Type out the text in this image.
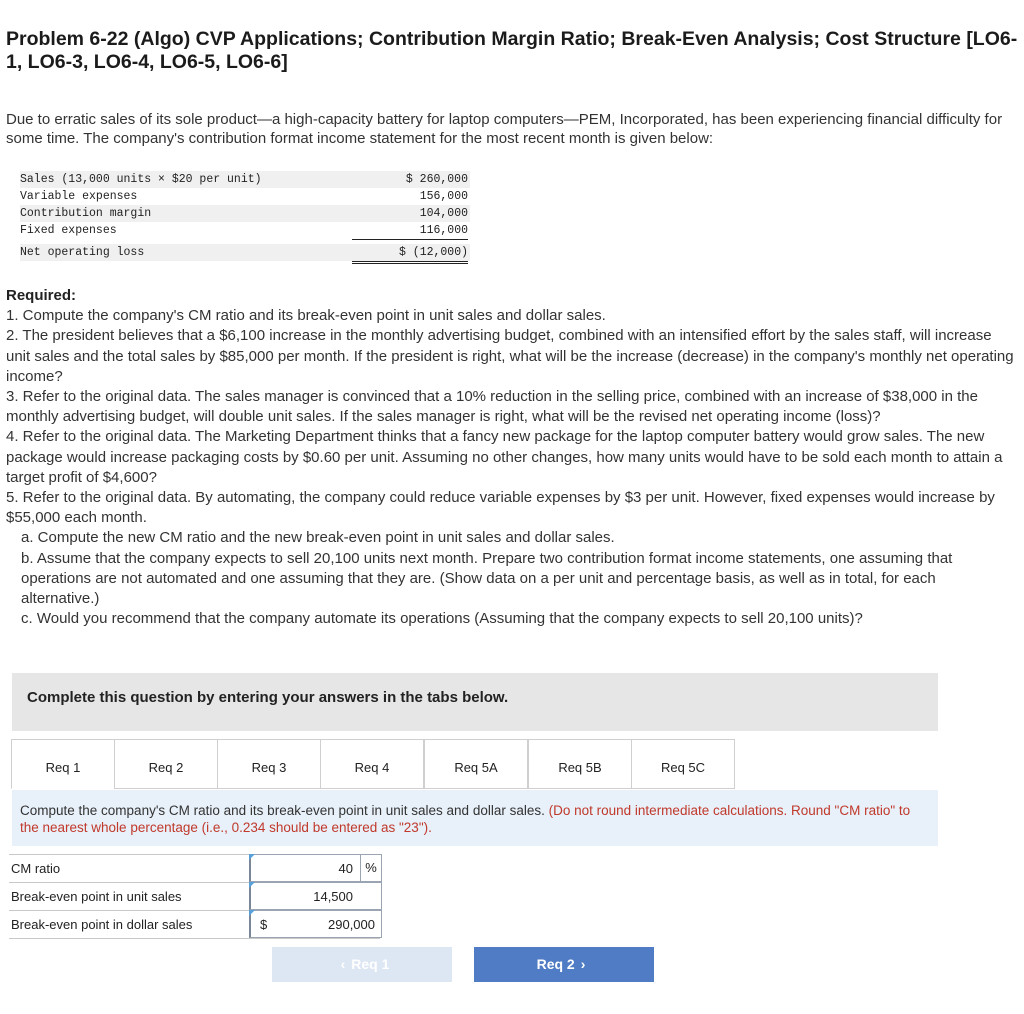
Problem 6-22 (Algo) CVP Applications; Contribution Margin Ratio; Break-Even Analysis; Cost Structure [LO6-1, LO6-3, LO6-4, LO6-5, LO6-6]
Due to erratic sales of its sole product—a high-capacity battery for laptop computers—PEM, Incorporated, has been experiencing financial difficulty for some time. The company's contribution format income statement for the most recent month is given below:
Sales (13,000 units × $20 per unit)	$ 260,000
Variable expenses	156,000
Contribution margin	104,000
Fixed expenses	116,000
Net operating loss	$ (12,000)
Required:
1. Compute the company's CM ratio and its break-even point in unit sales and dollar sales.
2. The president believes that a $6,100 increase in the monthly advertising budget, combined with an intensified effort by the sales staff, will increase unit sales and the total sales by $85,000 per month. If the president is right, what will be the increase (decrease) in the company's monthly net operating income?
3. Refer to the original data. The sales manager is convinced that a 10% reduction in the selling price, combined with an increase of $38,000 in the monthly advertising budget, will double unit sales. If the sales manager is right, what will be the revised net operating income (loss)?
4. Refer to the original data. The Marketing Department thinks that a fancy new package for the laptop computer battery would grow sales. The new package would increase packaging costs by $0.60 per unit. Assuming no other changes, how many units would have to be sold each month to attain a target profit of $4,600?
5. Refer to the original data. By automating, the company could reduce variable expenses by $3 per unit. However, fixed expenses would increase by $55,000 each month.
a. Compute the new CM ratio and the new break-even point in unit sales and dollar sales.
b. Assume that the company expects to sell 20,100 units next month. Prepare two contribution format income statements, one assuming that operations are not automated and one assuming that they are. (Show data on a per unit and percentage basis, as well as in total, for each alternative.)
c. Would you recommend that the company automate its operations (Assuming that the company expects to sell 20,100 units)?
Complete this question by entering your answers in the tabs below.
Req 1	Req 2	Req 3	Req 4	Req 5A	Req 5B	Req 5C

Compute the company's CM ratio and its break-even point in unit sales and dollar sales. (Do not round intermediate calculations. Round "CM ratio" to the nearest whole percentage (i.e., 0.234 should be entered as "23").

CM ratio	40 %
Break-even point in unit sales	14,500
Break-even point in dollar sales	$	290,000
‹ Req 1	Req 2 ›
